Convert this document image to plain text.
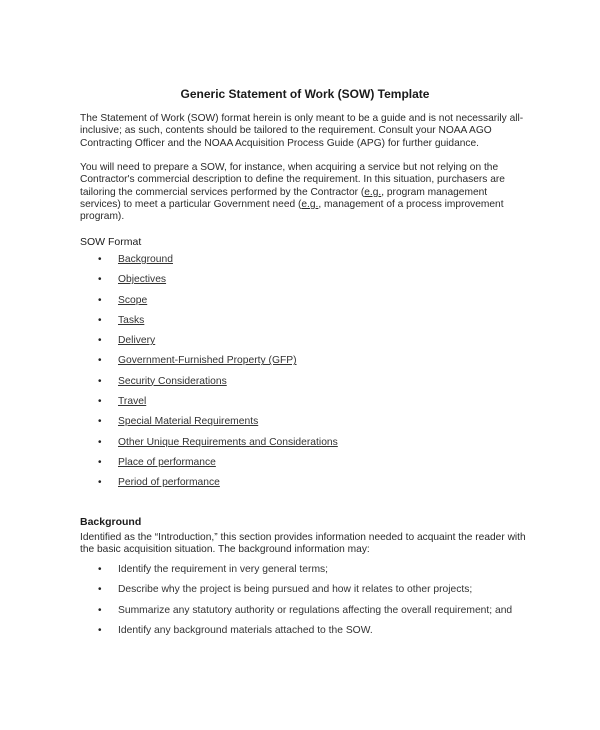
Generic Statement of Work (SOW) Template
The Statement of Work (SOW) format herein is only meant to be a guide and is not necessarily all-inclusive; as such, contents should be tailored to the requirement. Consult your NOAA AGO Contracting Officer and the NOAA Acquisition Process Guide (APG) for further guidance.
You will need to prepare a SOW, for instance, when acquiring a service but not relying on the Contractor's commercial description to define the requirement. In this situation, purchasers are tailoring the commercial services performed by the Contractor (e.g., program management services) to meet a particular Government need (e.g., management of a process improvement program).
SOW Format
• Background
• Objectives
• Scope
• Tasks
• Delivery
• Government-Furnished Property (GFP)
• Security Considerations
• Travel
• Special Material Requirements
• Other Unique Requirements and Considerations
• Place of performance
• Period of performance
Background
Identified as the “Introduction,” this section provides information needed to acquaint the reader with the basic acquisition situation. The background information may:
• Identify the requirement in very general terms;
• Describe why the project is being pursued and how it relates to other projects;
• Summarize any statutory authority or regulations affecting the overall requirement; and
• Identify any background materials attached to the SOW.
